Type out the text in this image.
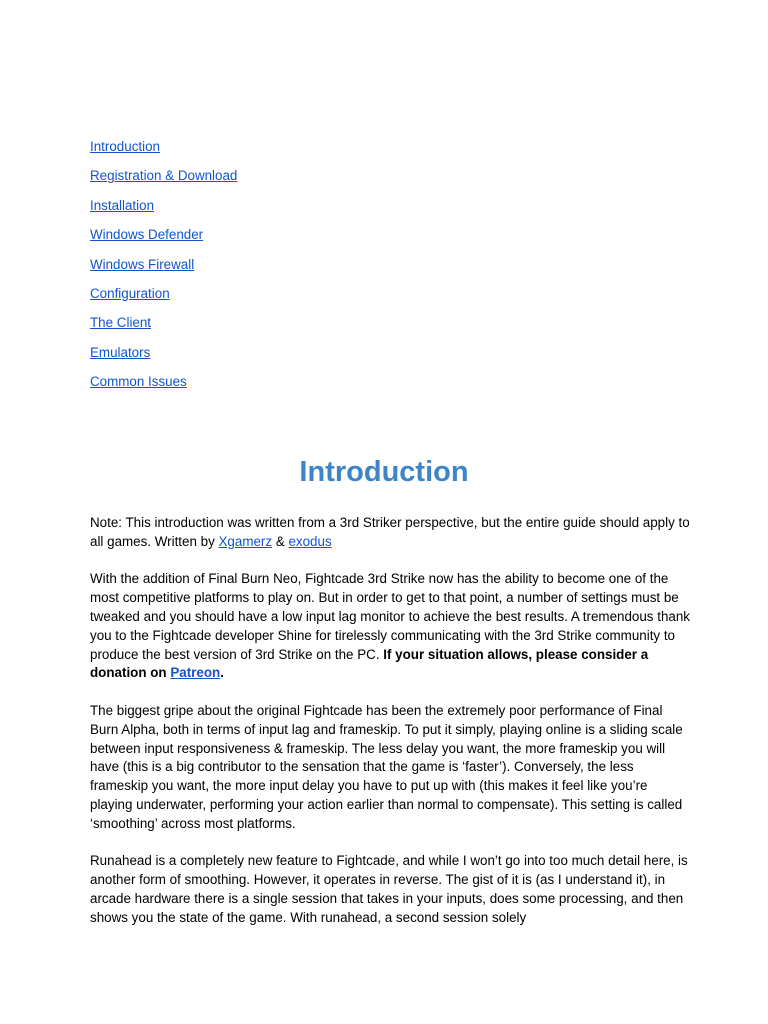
Introduction
Registration & Download
Installation
Windows Defender
Windows Firewall
Configuration
The Client
Emulators
Common Issues
Introduction

Note: This introduction was written from a 3rd Striker perspective, but the entire guide should apply to all games. Written by Xgamerz & exodus

With the addition of Final Burn Neo, Fightcade 3rd Strike now has the ability to become one of the most competitive platforms to play on. But in order to get to that point, a number of settings must be tweaked and you should have a low input lag monitor to achieve the best results. A tremendous thank you to the Fightcade developer Shine for tirelessly communicating with the 3rd Strike community to produce the best version of 3rd Strike on the PC. If your situation allows, please consider a donation on Patreon.

The biggest gripe about the original Fightcade has been the extremely poor performance of Final Burn Alpha, both in terms of input lag and frameskip. To put it simply, playing online is a sliding scale between input responsiveness & frameskip. The less delay you want, the more frameskip you will have (this is a big contributor to the sensation that the game is ‘faster’). Conversely, the less frameskip you want, the more input delay you have to put up with (this makes it feel like you’re playing underwater, performing your action earlier than normal to compensate). This setting is called ‘smoothing’ across most platforms.

Runahead is a completely new feature to Fightcade, and while I won’t go into too much detail here, is another form of smoothing. However, it operates in reverse. The gist of it is (as I understand it), in arcade hardware there is a single session that takes in your inputs, does some processing, and then shows you the state of the game. With runahead, a second session solely
